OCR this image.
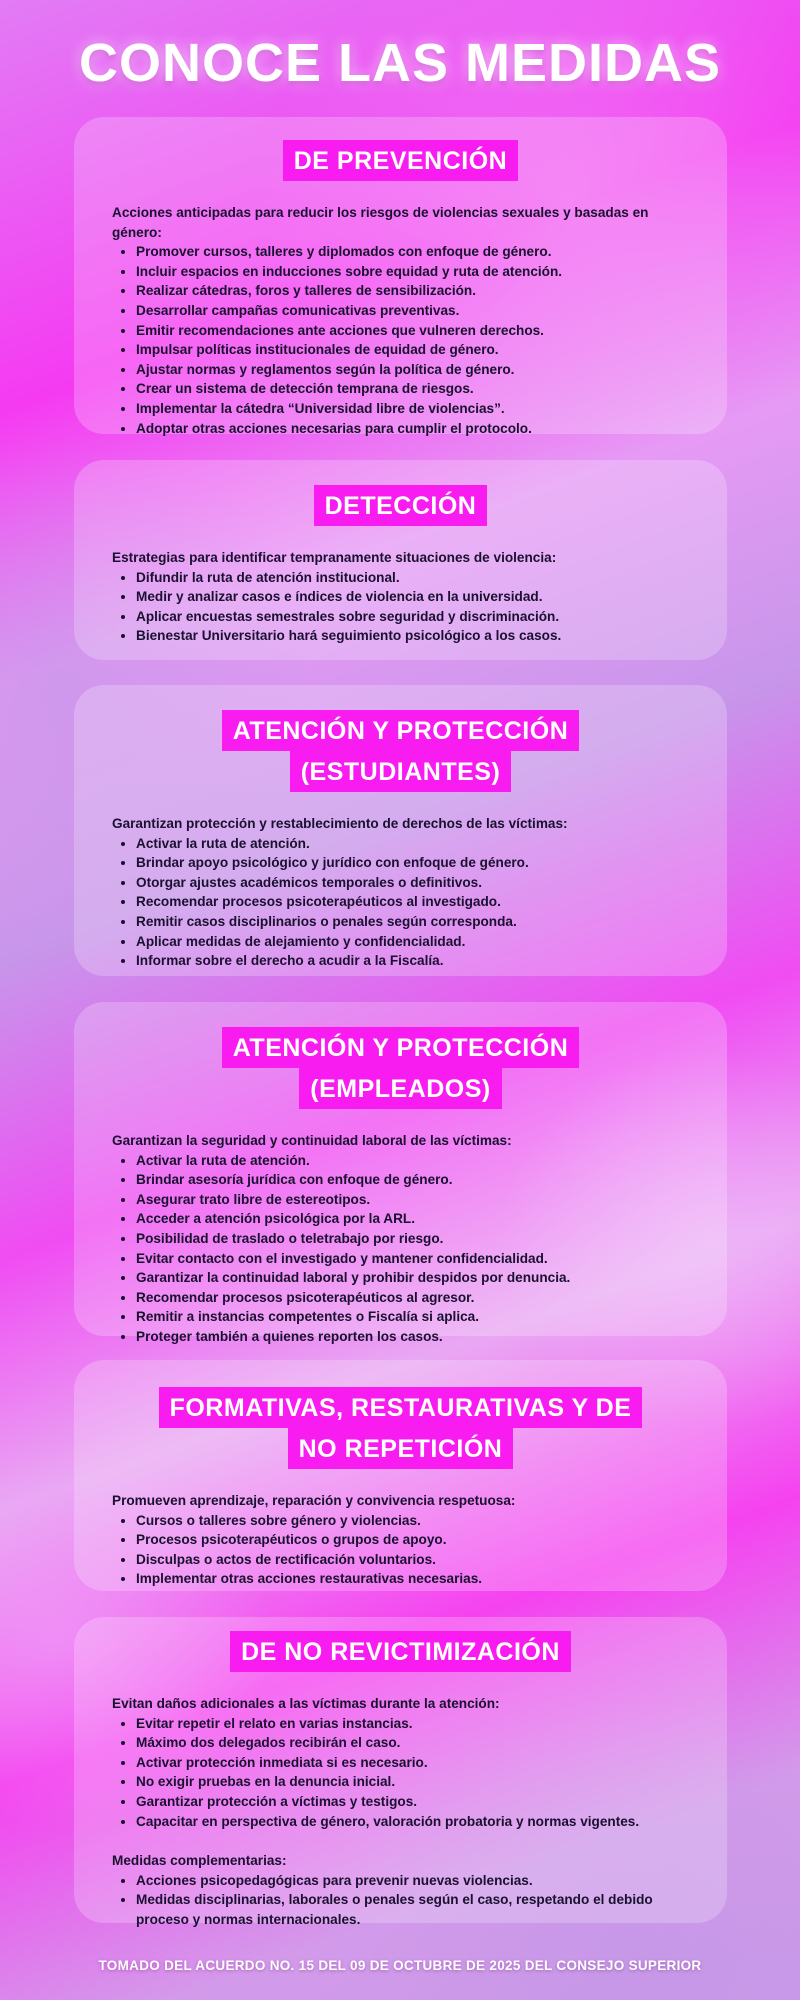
CONOCE LAS MEDIDAS
DE PREVENCIÓN
Acciones anticipadas para reducir los riesgos de violencias sexuales y basadas en género:
• Promover cursos, talleres y diplomados con enfoque de género.
• Incluir espacios en inducciones sobre equidad y ruta de atención.
• Realizar cátedras, foros y talleres de sensibilización.
• Desarrollar campañas comunicativas preventivas.
• Emitir recomendaciones ante acciones que vulneren derechos.
• Impulsar políticas institucionales de equidad de género.
• Ajustar normas y reglamentos según la política de género.
• Crear un sistema de detección temprana de riesgos.
• Implementar la cátedra “Universidad libre de violencias”.
• Adoptar otras acciones necesarias para cumplir el protocolo.
DETECCIÓN
Estrategias para identificar tempranamente situaciones de violencia:
• Difundir la ruta de atención institucional.
• Medir y analizar casos e índices de violencia en la universidad.
• Aplicar encuestas semestrales sobre seguridad y discriminación.
• Bienestar Universitario hará seguimiento psicológico a los casos.
ATENCIÓN Y PROTECCIÓN
(ESTUDIANTES)
Garantizan protección y restablecimiento de derechos de las víctimas:
• Activar la ruta de atención.
• Brindar apoyo psicológico y jurídico con enfoque de género.
• Otorgar ajustes académicos temporales o definitivos.
• Recomendar procesos psicoterapéuticos al investigado.
• Remitir casos disciplinarios o penales según corresponda.
• Aplicar medidas de alejamiento y confidencialidad.
• Informar sobre el derecho a acudir a la Fiscalía.
ATENCIÓN Y PROTECCIÓN
(EMPLEADOS)
Garantizan la seguridad y continuidad laboral de las víctimas:
• Activar la ruta de atención.
• Brindar asesoría jurídica con enfoque de género.
• Asegurar trato libre de estereotipos.
• Acceder a atención psicológica por la ARL.
• Posibilidad de traslado o teletrabajo por riesgo.
• Evitar contacto con el investigado y mantener confidencialidad.
• Garantizar la continuidad laboral y prohibir despidos por denuncia.
• Recomendar procesos psicoterapéuticos al agresor.
• Remitir a instancias competentes o Fiscalía si aplica.
• Proteger también a quienes reporten los casos.
FORMATIVAS, RESTAURATIVAS Y DE
NO REPETICIÓN
Promueven aprendizaje, reparación y convivencia respetuosa:
• Cursos o talleres sobre género y violencias.
• Procesos psicoterapéuticos o grupos de apoyo.
• Disculpas o actos de rectificación voluntarios.
• Implementar otras acciones restaurativas necesarias.
DE NO REVICTIMIZACIÓN
Evitan daños adicionales a las víctimas durante la atención:
• Evitar repetir el relato en varias instancias.
• Máximo dos delegados recibirán el caso.
• Activar protección inmediata si es necesario.
• No exigir pruebas en la denuncia inicial.
• Garantizar protección a víctimas y testigos.
• Capacitar en perspectiva de género, valoración probatoria y normas vigentes.
Medidas complementarias:
• Acciones psicopedagógicas para prevenir nuevas violencias.
• Medidas disciplinarias, laborales o penales según el caso, respetando el debido proceso y normas internacionales.
TOMADO DEL ACUERDO NO. 15 DEL 09 DE OCTUBRE DE 2025 DEL CONSEJO SUPERIOR
